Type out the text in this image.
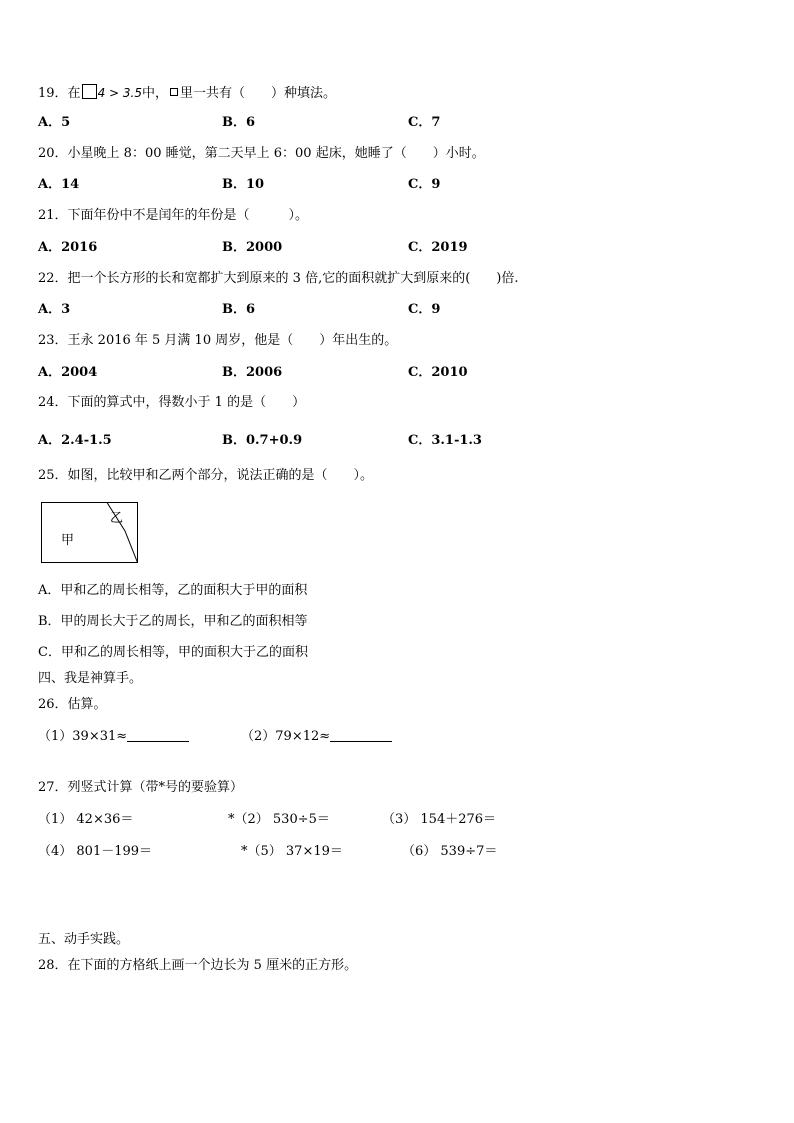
19．在 4 > 3.5中， 里一共有（　　）种填法。
A．5	B．6	C．7
20．小星晚上 8：00 睡觉，第二天早上 6：00 起床，她睡了（　　）小时。
A．14	B．10	C．9
21．下面年份中不是闰年的年份是（　　　）。
A．2016	B．2000	C．2019
22．把一个长方形的长和宽都扩大到原来的 3 倍,它的面积就扩大到原来的(　　)倍.
A．3	B．6	C．9
23．王永 2016 年 5 月满 10 周岁，他是（　　）年出生的。
A．2004	B．2006	C．2010
24．下面的算式中，得数小于 1 的是（　　）
A．2.4-1.5	B．0.7+0.9	C．3.1-1.3
25．如图，比较甲和乙两个部分，说法正确的是（　　）。
甲
乙
A．甲和乙的周长相等，乙的面积大于甲的面积
B．甲的周长大于乙的周长，甲和乙的面积相等
C．甲和乙的周长相等，甲的面积大于乙的面积
四、我是神算手。
26．估算。
（1）39×31≈	（2）79×12≈
27．列竖式计算（带*号的要验算）
（1） 42×36＝	*（2） 530÷5＝	（3） 154＋276＝
（4） 801－199＝	*（5） 37×19＝	（6） 539÷7＝
五、动手实践。
28．在下面的方格纸上画一个边长为 5 厘米的正方形。
